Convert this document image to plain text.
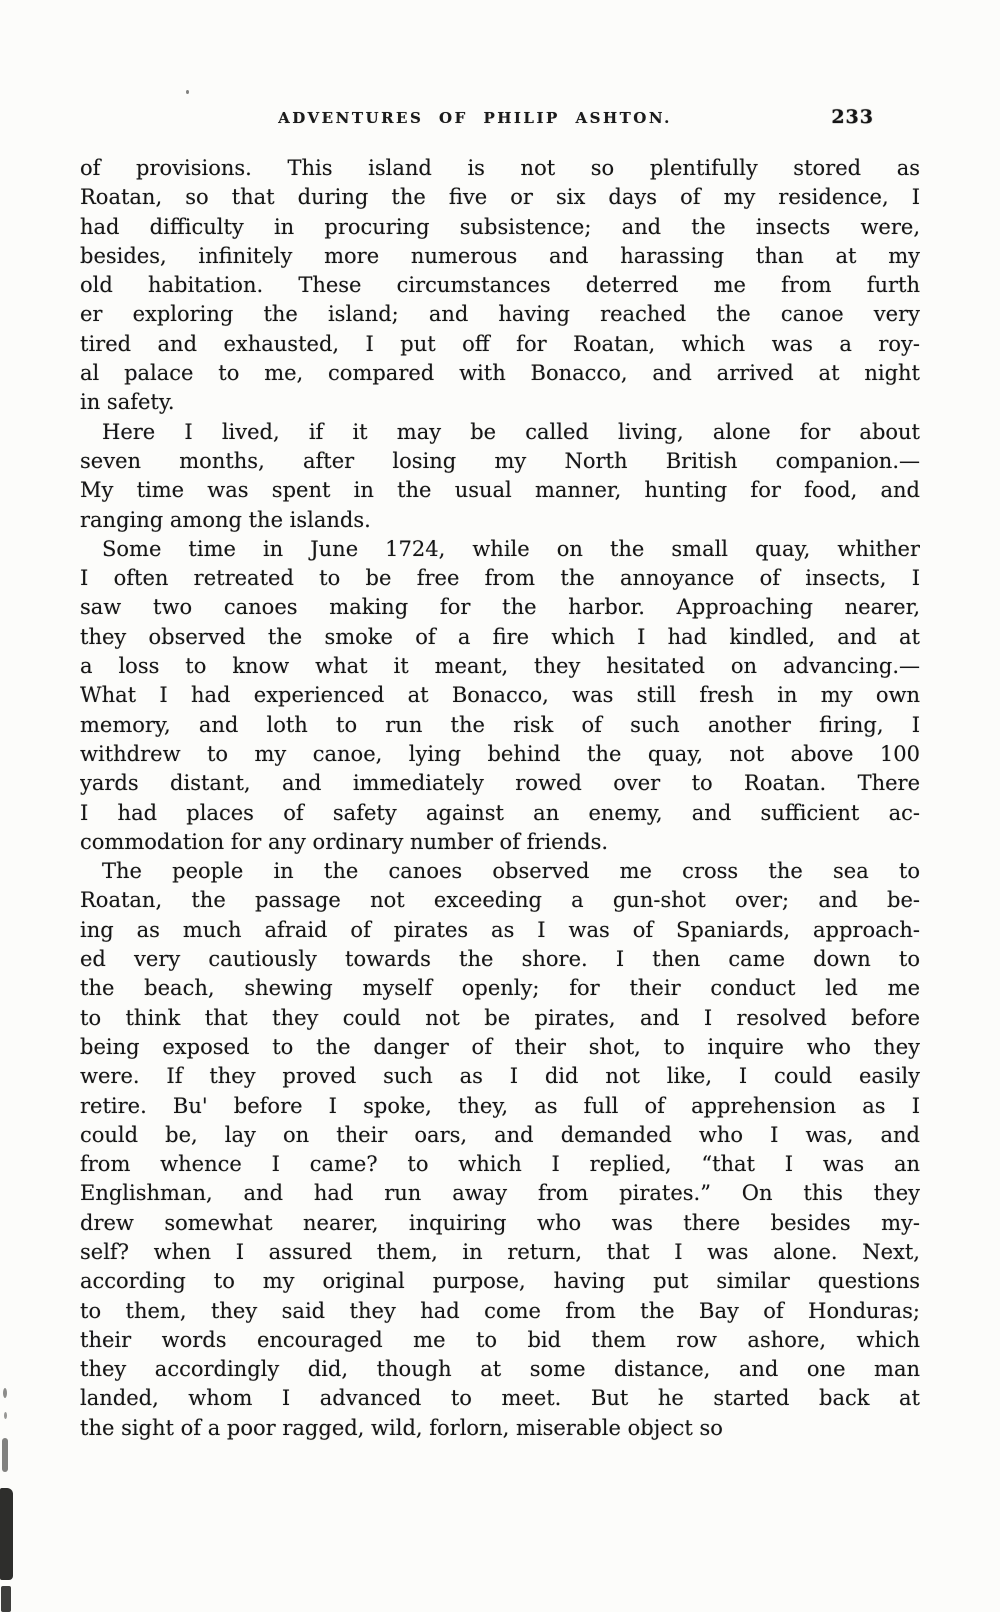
ADVENTURES OF PHILIP ASHTON.	233
of provisions. This island is not so plentifully stored as
Roatan, so that during the five or six days of my residence, I
had difficulty in procuring subsistence; and the insects were,
besides, infinitely more numerous and harassing than at my
old habitation. These circumstances deterred me from furth
er exploring the island; and having reached the canoe very
tired and exhausted, I put off for Roatan, which was a roy-
al palace to me, compared with Bonacco, and arrived at night
in safety.
Here I lived, if it may be called living, alone for about
seven months, after losing my North British companion.—
My time was spent in the usual manner, hunting for food, and
ranging among the islands.
Some time in June 1724, while on the small quay, whither
I often retreated to be free from the annoyance of insects, I
saw two canoes making for the harbor. Approaching nearer,
they observed the smoke of a fire which I had kindled, and at
a loss to know what it meant, they hesitated on advancing.—
What I had experienced at Bonacco, was still fresh in my own
memory, and loth to run the risk of such another firing, I
withdrew to my canoe, lying behind the quay, not above 100
yards distant, and immediately rowed over to Roatan. There
I had places of safety against an enemy, and sufficient ac-
commodation for any ordinary number of friends.
The people in the canoes observed me cross the sea to
Roatan, the passage not exceeding a gun-shot over; and be-
ing as much afraid of pirates as I was of Spaniards, approach-
ed very cautiously towards the shore. I then came down to
the beach, shewing myself openly; for their conduct led me
to think that they could not be pirates, and I resolved before
being exposed to the danger of their shot, to inquire who they
were. If they proved such as I did not like, I could easily
retire. Bu' before I spoke, they, as full of apprehension as I
could be, lay on their oars, and demanded who I was, and
from whence I came? to which I replied, “that I was an
Englishman, and had run away from pirates.” On this they
drew somewhat nearer, inquiring who was there besides my-
self? when I assured them, in return, that I was alone. Next,
according to my original purpose, having put similar questions
to them, they said they had come from the Bay of Honduras;
their words encouraged me to bid them row ashore, which
they accordingly did, though at some distance, and one man
landed, whom I advanced to meet. But he started back at
the sight of a poor ragged, wild, forlorn, miserable object so
